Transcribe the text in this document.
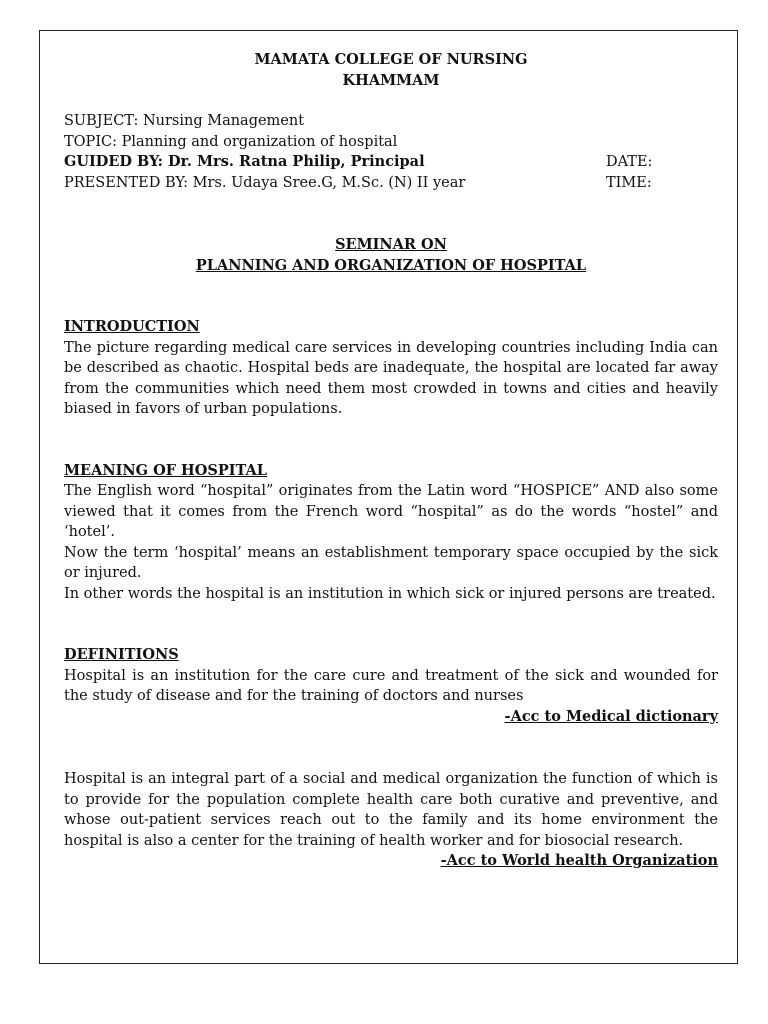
MAMATA COLLEGE OF NURSING
KHAMMAM
SUBJECT: Nursing Management
TOPIC: Planning and organization of hospital
GUIDED BY: Dr. Mrs. Ratna Philip, Principal	DATE:
PRESENTED BY: Mrs. Udaya Sree.G, M.Sc. (N) II year	TIME:
SEMINAR ON
PLANNING AND ORGANIZATION OF HOSPITAL

INTRODUCTION

The picture regarding medical care services in developing countries including India can be described as chaotic. Hospital beds are inadequate, the hospital are located far away from the communities which need them most crowded in towns and cities and heavily biased in favors of urban populations.

MEANING OF HOSPITAL

The English word “hospital” originates from the Latin word “HOSPICE” AND also some viewed that it comes from the French word “hospital” as do the words “hostel” and ‘hotel’.

Now the term ‘hospital’ means an establishment temporary space occupied by the sick or injured.

In other words the hospital is an institution in which sick or injured persons are treated.

DEFINITIONS

Hospital is an institution for the care cure and treatment of the sick and wounded for the study of disease and for the training of doctors and nurses

-Acc to Medical dictionary

Hospital is an integral part of a social and medical organization the function of which is to provide for the population complete health care both curative and preventive, and whose out-patient services reach out to the family and its home environment the hospital is also a center for the training of health worker and for biosocial research.

-Acc to World health Organization
